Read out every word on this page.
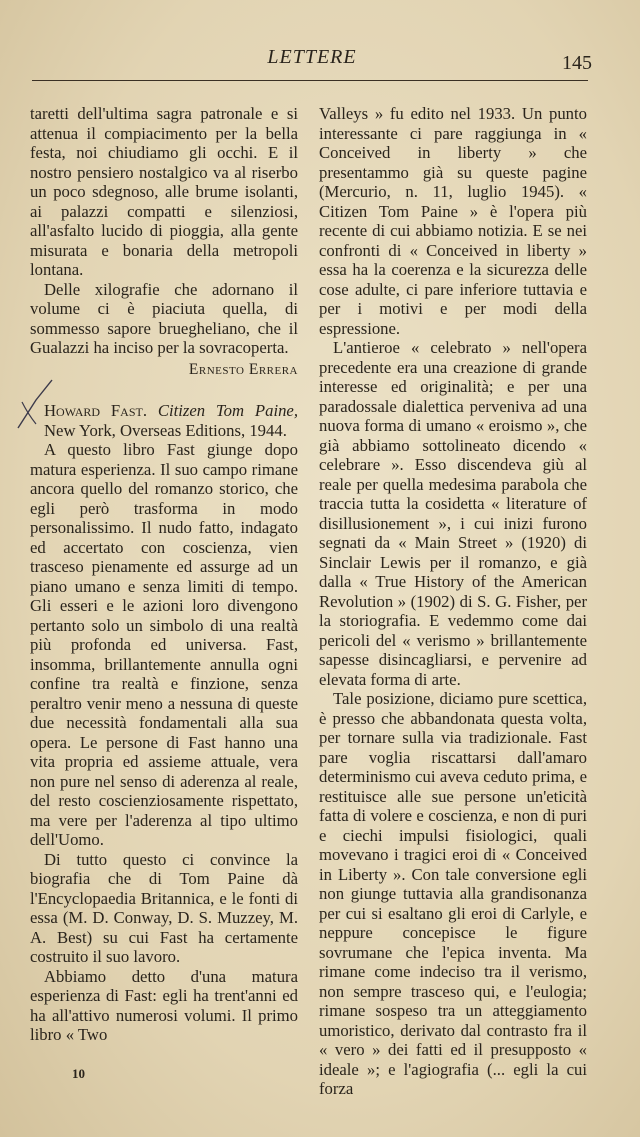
LETTERE	145

taretti dell'ultima sagra patronale e si attenua il compiacimento per la bella festa, noi chiudiamo gli occhi. E il nostro pensiero nostalgico va al riserbo un poco sdegnoso, alle brume isolanti, ai palazzi compatti e silenziosi, all'asfalto lucido di pioggia, alla gente misurata e bonaria della metropoli lontana.

Delle xilografie che adornano il volume ci è piaciuta quella, di sommesso sapore bruegheliano, che il Gualazzi ha inciso per la sovracoperta.

Ernesto Errera

Howard Fast. Citizen Tom Paine, New York, Overseas Editions, 1944.

A questo libro Fast giunge dopo matura esperienza. Il suo campo rimane ancora quello del romanzo storico, che egli però trasforma in modo personalissimo. Il nudo fatto, indagato ed accertato con coscienza, vien trasceso pienamente ed assurge ad un piano umano e senza limiti di tempo. Gli esseri e le azioni loro divengono pertanto solo un simbolo di una realtà più profonda ed universa. Fast, insomma, brillantemente annulla ogni confine tra realtà e finzione, senza peraltro venir meno a nessuna di queste due necessità fondamentali alla sua opera. Le persone di Fast hanno una vita propria ed assieme attuale, vera non pure nel senso di aderenza al reale, del resto coscienziosamente rispettato, ma vere per l'aderenza al tipo ultimo dell'Uomo.

Di tutto questo ci convince la biografia che di Tom Paine dà l'Encyclopaedia Britannica, e le fonti di essa (M. D. Conway, D. S. Muzzey, M. A. Best) su cui Fast ha certamente costruito il suo lavoro.

Abbiamo detto d'una matura esperienza di Fast: egli ha trent'anni ed ha all'attivo numerosi volumi. Il primo libro « Two

Valleys » fu edito nel 1933. Un punto interessante ci pare raggiunga in « Conceived in liberty » che presentammo già su queste pagine (Mercurio, n. 11, luglio 1945). « Citizen Tom Paine » è l'opera più recente di cui abbiamo notizia. E se nei confronti di « Conceived in liberty » essa ha la coerenza e la sicurezza delle cose adulte, ci pare inferiore tuttavia e per i motivi e per modi della espressione.

L'antieroe « celebrato » nell'opera precedente era una creazione di grande interesse ed originalità; e per una paradossale dialettica perveniva ad una nuova forma di umano « eroismo », che già abbiamo sottolineato dicendo « celebrare ». Esso discendeva giù al reale per quella medesima parabola che traccia tutta la cosidetta « literature of disillusionement », i cui inizi furono segnati da « Main Street » (1920) di Sinclair Lewis per il romanzo, e già dalla « True History of the American Revolution » (1902) di S. G. Fisher, per la storiografia. E vedemmo come dai pericoli del « verismo » brillantemente sapesse disincagliarsi, e pervenire ad elevata forma di arte.

Tale posizione, diciamo pure scettica, è presso che abbandonata questa volta, per tornare sulla via tradizionale. Fast pare voglia riscattarsi dall'amaro determinismo cui aveva ceduto prima, e restituisce alle sue persone un'eticità fatta di volere e coscienza, e non di puri e ciechi impulsi fisiologici, quali movevano i tragici eroi di « Conceived in Liberty ». Con tale conversione egli non giunge tuttavia alla grandisonanza per cui si esaltano gli eroi di Carlyle, e neppure concepisce le figure sovrumane che l'epica inventa. Ma rimane come indeciso tra il verismo, non sempre trasceso qui, e l'eulogia; rimane sospeso tra un atteggiamento umoristico, derivato dal contrasto fra il « vero » dei fatti ed il presupposto « ideale »; e l'agiografia (... egli la cui forza

10
